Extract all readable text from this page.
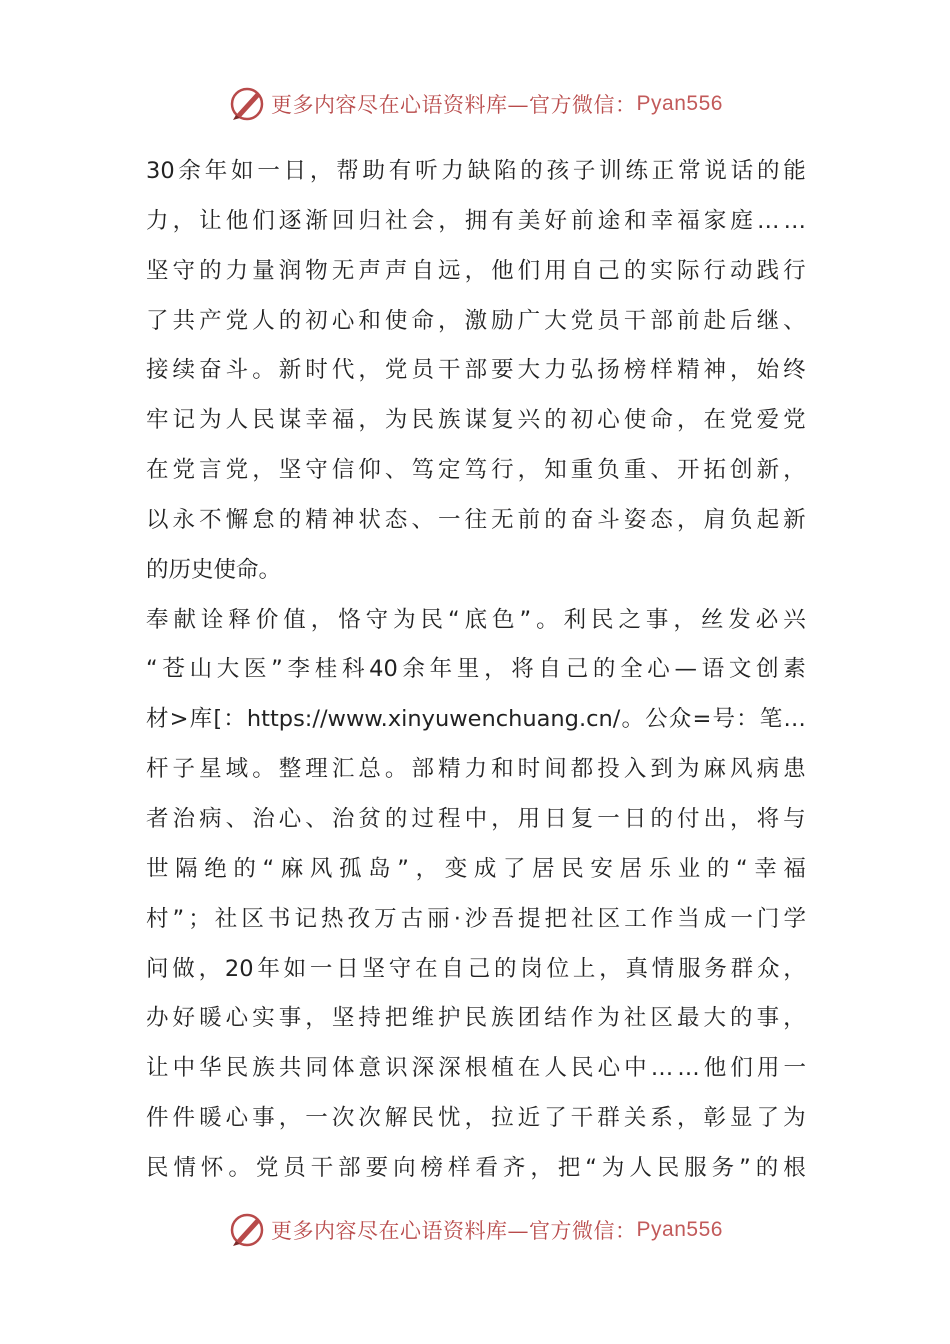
更多内容尽在心语资料库—官方微信： Pyan556
30 余 年 如 一 日 ， 帮 助 有 听 力 缺 陷 的 孩 子 训 练 正 常 说 话 的 能
力 ， 让 他 们 逐 渐 回 归 社 会 ， 拥 有 美 好 前 途 和 幸 福 家 庭 … …
坚 守 的 力 量 润 物 无 声 声 自 远 ， 他 们 用 自 己 的 实 际 行 动 践 行
了 共 产 党 人 的 初 心 和 使 命 ， 激 励 广 大 党 员 干 部 前 赴 后 继 、
接 续 奋 斗 。 新 时 代 ， 党 员 干 部 要 大 力 弘 扬 榜 样 精 神 ， 始 终
牢 记 为 人 民 谋 幸 福 ， 为 民 族 谋 复 兴 的 初 心 使 命 ， 在 党 爱 党
在 党 言 党 ， 坚 守 信 仰 、 笃 定 笃 行 ， 知 重 负 重 、 开 拓 创 新 ，
以 永 不 懈 怠 的 精 神 状 态 、 一 往 无 前 的 奋 斗 姿 态 ， 肩 负 起 新
的历史使命。
奉 献 诠 释 价 值 ， 恪 守 为 民 “ 底 色 ” 。 利 民 之 事 ， 丝 发 必 兴
“ 苍 山 大 医 ” 李 桂 科 40 余 年 里 ， 将 自 己 的 全 心 — 语 文 创 素
材 > 库 [ ： https://www.xinyuwenchuang.cn/ 。 公 众 = 号 ： 笔 …
杆 子 星 域 。 整 理 汇 总 。 部 精 力 和 时 间 都 投 入 到 为 麻 风 病 患
者 治 病 、 治 心 、 治 贫 的 过 程 中 ， 用 日 复 一 日 的 付 出 ， 将 与
世 隔 绝 的 “ 麻 风 孤 岛 ” ， 变 成 了 居 民 安 居 乐 业 的 “ 幸 福
村 ” ； 社 区 书 记 热 孜 万 古 丽 · 沙 吾 提 把 社 区 工 作 当 成 一 门 学
问 做 ， 20 年 如 一 日 坚 守 在 自 己 的 岗 位 上 ， 真 情 服 务 群 众 ，
办 好 暖 心 实 事 ， 坚 持 把 维 护 民 族 团 结 作 为 社 区 最 大 的 事 ，
让 中 华 民 族 共 同 体 意 识 深 深 根 植 在 人 民 心 中 … … 他 们 用 一
件 件 暖 心 事 ， 一 次 次 解 民 忧 ， 拉 近 了 干 群 关 系 ， 彰 显 了 为
民 情 怀 。 党 员 干 部 要 向 榜 样 看 齐 ， 把 “ 为 人 民 服 务 ” 的 根
更多内容尽在心语资料库—官方微信： Pyan556
